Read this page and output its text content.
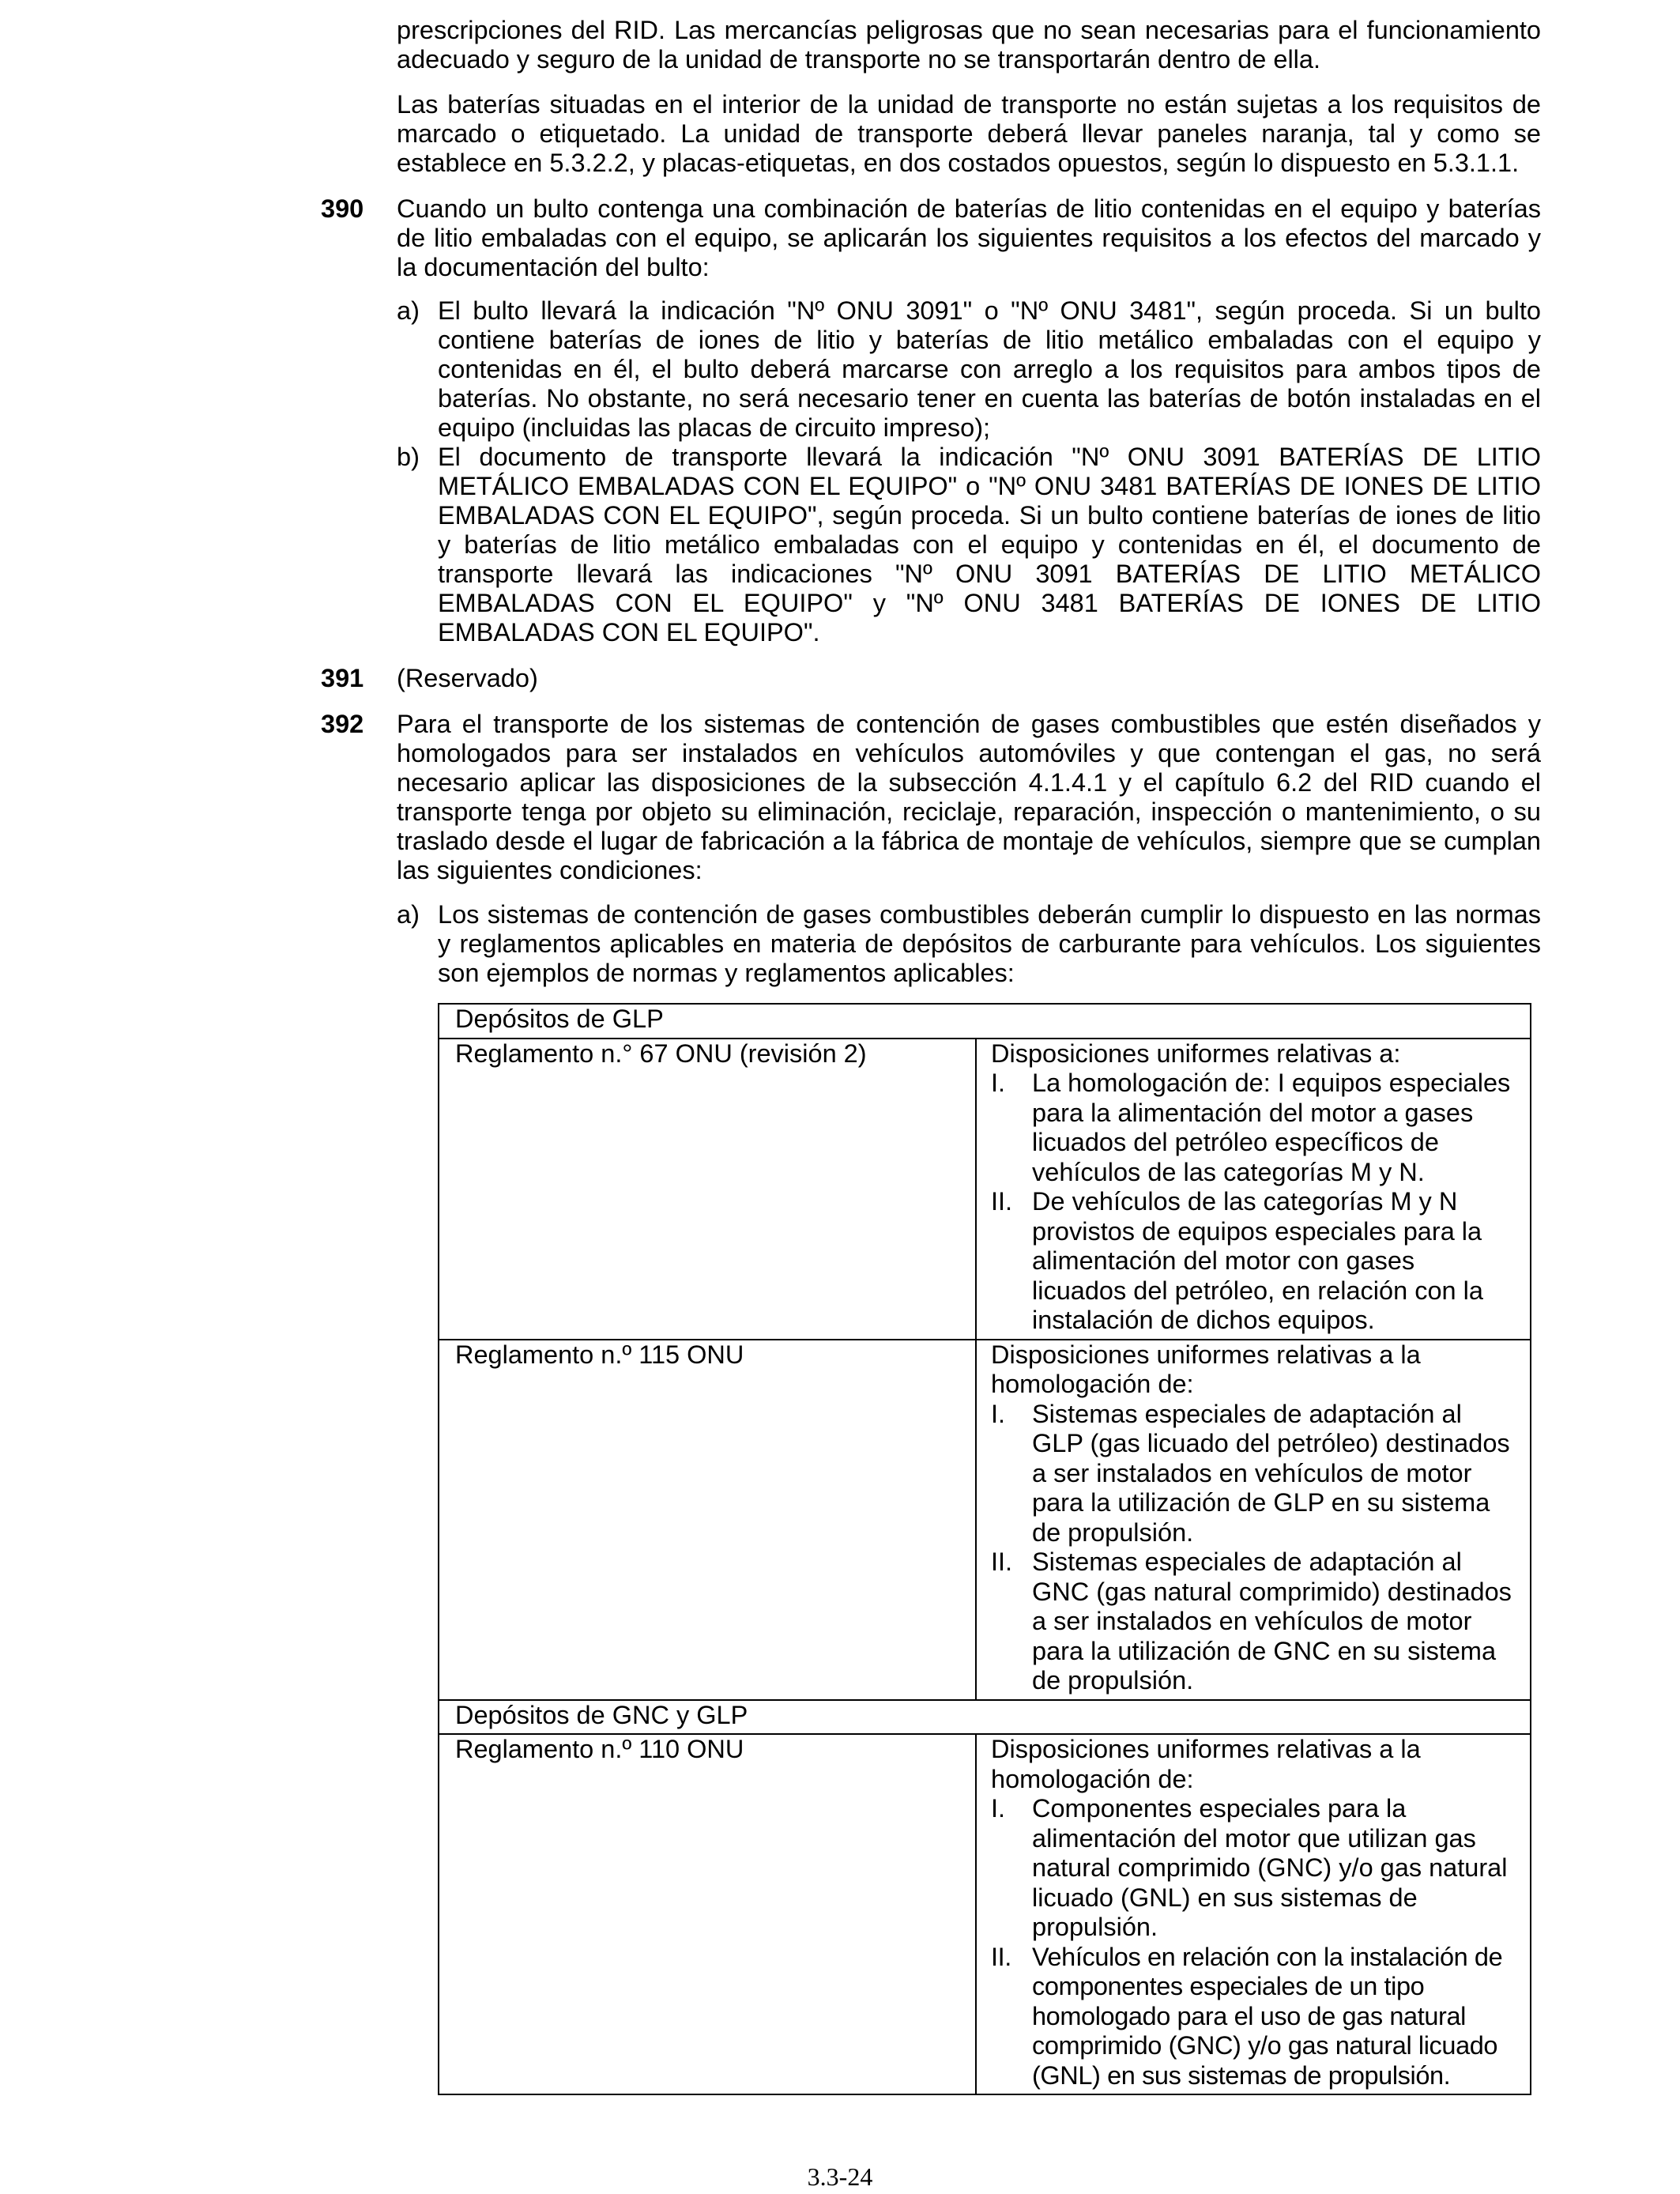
prescripciones del RID. Las mercancías peligrosas que no sean necesarias para el funcionamiento adecuado y seguro de la unidad de transporte no se transportarán dentro de ella.

Las baterías situadas en el interior de la unidad de transporte no están sujetas a los requisitos de marcado o etiquetado. La unidad de transporte deberá llevar paneles naranja, tal y como se establece en 5.3.2.2, y placas-etiquetas, en dos costados opuestos, según lo dispuesto en 5.3.1.1.

390 Cuando un bulto contenga una combinación de baterías de litio contenidas en el equipo y baterías de litio embaladas con el equipo, se aplicarán los siguientes requisitos a los efectos del marcado y la documentación del bulto:

a) El bulto llevará la indicación "Nº ONU 3091" o "Nº ONU 3481", según proceda. Si un bulto contiene baterías de iones de litio y baterías de litio metálico embaladas con el equipo y contenidas en él, el bulto deberá marcarse con arreglo a los requisitos para ambos tipos de baterías. No obstante, no será necesario tener en cuenta las baterías de botón instaladas en el equipo (incluidas las placas de circuito impreso);

b) El documento de transporte llevará la indicación "Nº ONU 3091 BATERÍAS DE LITIO METÁLICO EMBALADAS CON EL EQUIPO" o "Nº ONU 3481 BATERÍAS DE IONES DE LITIO EMBALADAS CON EL EQUIPO", según proceda. Si un bulto contiene baterías de iones de litio y baterías de litio metálico embaladas con el equipo y contenidas en él, el documento de transporte llevará las indicaciones "Nº ONU 3091 BATERÍAS DE LITIO METÁLICO EMBALADAS CON EL EQUIPO" y "Nº ONU 3481 BATERÍAS DE IONES DE LITIO EMBALADAS CON EL EQUIPO".

391 (Reservado)

392 Para el transporte de los sistemas de contención de gases combustibles que estén diseñados y homologados para ser instalados en vehículos automóviles y que contengan el gas, no será necesario aplicar las disposiciones de la subsección 4.1.4.1 y el capítulo 6.2 del RID cuando el transporte tenga por objeto su eliminación, reciclaje, reparación, inspección o mantenimiento, o su traslado desde el lugar de fabricación a la fábrica de montaje de vehículos, siempre que se cumplan las siguientes condiciones:

a) Los sistemas de contención de gases combustibles deberán cumplir lo dispuesto en las normas y reglamentos aplicables en materia de depósitos de carburante para vehículos. Los siguientes son ejemplos de normas y reglamentos aplicables:

Depósitos de GLP	
Reglamento n.° 67 ONU (revisión 2)	Disposiciones uniformes relativas a:
I. La homologación de: I equipos especiales para la alimentación del motor a gases licuados del petróleo específicos de vehículos de las categorías M y N.
II. De vehículos de las categorías M y N provistos de equipos especiales para la alimentación del motor con gases licuados del petróleo, en relación con la instalación de dichos equipos.

Reglamento n.º 115 ONU	Disposiciones uniformes relativas a la homologación de:
I. Sistemas especiales de adaptación al GLP (gas licuado del petróleo) destinados a ser instalados en vehículos de motor para la utilización de GLP en su sistema de propulsión.
II. Sistemas especiales de adaptación al GNC (gas natural comprimido) destinados a ser instalados en vehículos de motor para la utilización de GNC en su sistema de propulsión.

Depósitos de GNC y GLP	
Reglamento n.º 110 ONU	Disposiciones uniformes relativas a la homologación de:
I. Componentes especiales para la alimentación del motor que utilizan gas natural comprimido (GNC) y/o gas natural licuado (GNL) en sus sistemas de propulsión.
II. Vehículos en relación con la instalación de componentes especiales de un tipo homologado para el uso de gas natural comprimido (GNC) y/o gas natural licuado (GNL) en sus sistemas de propulsión.
3.3-24
